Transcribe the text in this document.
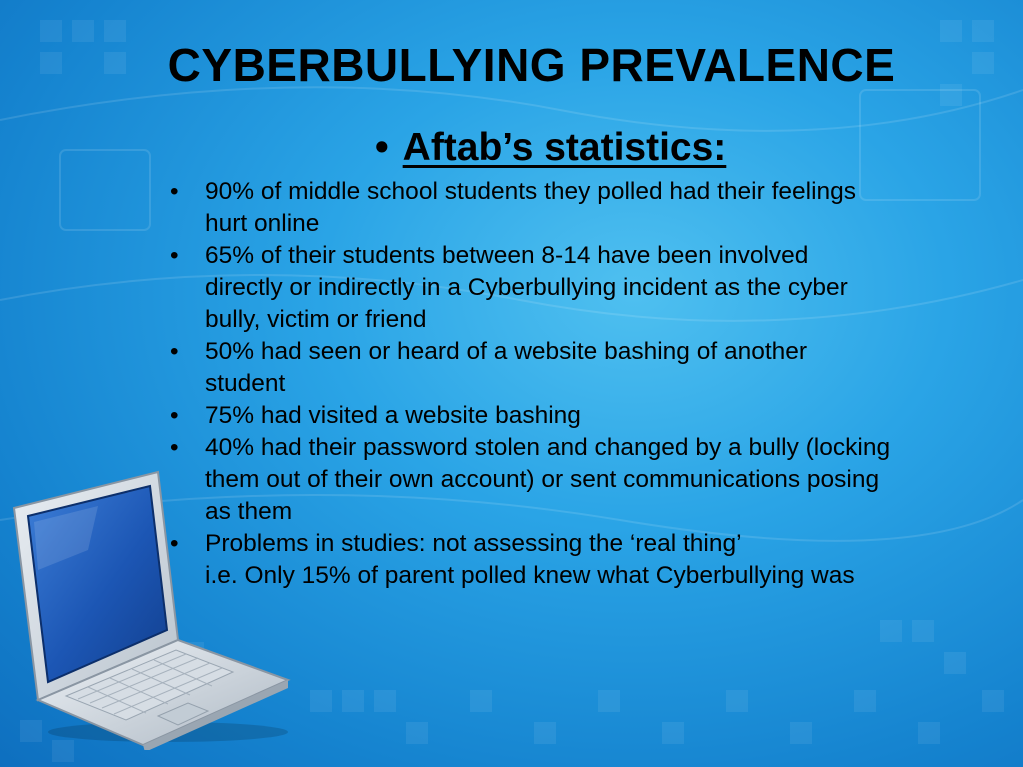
CYBERBULLYING PREVALENCE
• Aftab’s statistics:
• 90% of middle school students they polled had their feelings
hurt online
• 65% of their students between 8-14 have been involved
directly or indirectly in a Cyberbullying incident as the cyber
bully, victim or friend
• 50% had seen or heard of a website bashing of another
student
• 75% had visited a website bashing
• 40% had their password stolen and changed by a bully (locking
them out of their own account) or sent communications posing
as them
• Problems in studies: not assessing the ‘real thing’
i.e. Only 15% of parent polled knew what Cyberbullying was
